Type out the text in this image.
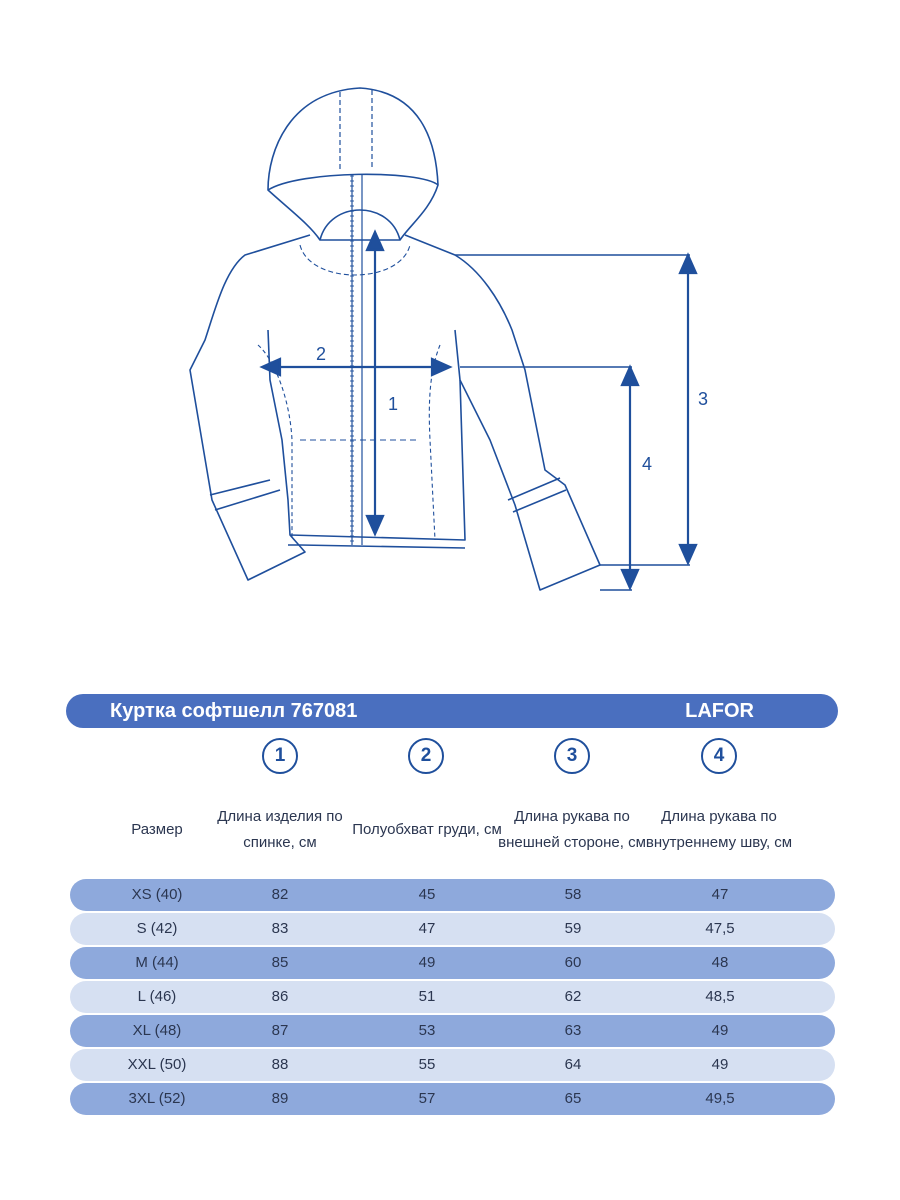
1
2
3
4
Куртка софтшелл 767081	LAFOR
1	2	3	4
Размер
Длина изделия по спинке, см
Полуобхват груди, см
Длина рукава по внешней стороне, см
Длина рукава по внутреннему шву, см
XS (40)	82	45	58	47
S (42)	83	47	59	47,5
M (44)	85	49	60	48
L (46)	86	51	62	48,5
XL (48)	87	53	63	49
XXL (50)	88	55	64	49
3XL (52)	89	57	65	49,5
